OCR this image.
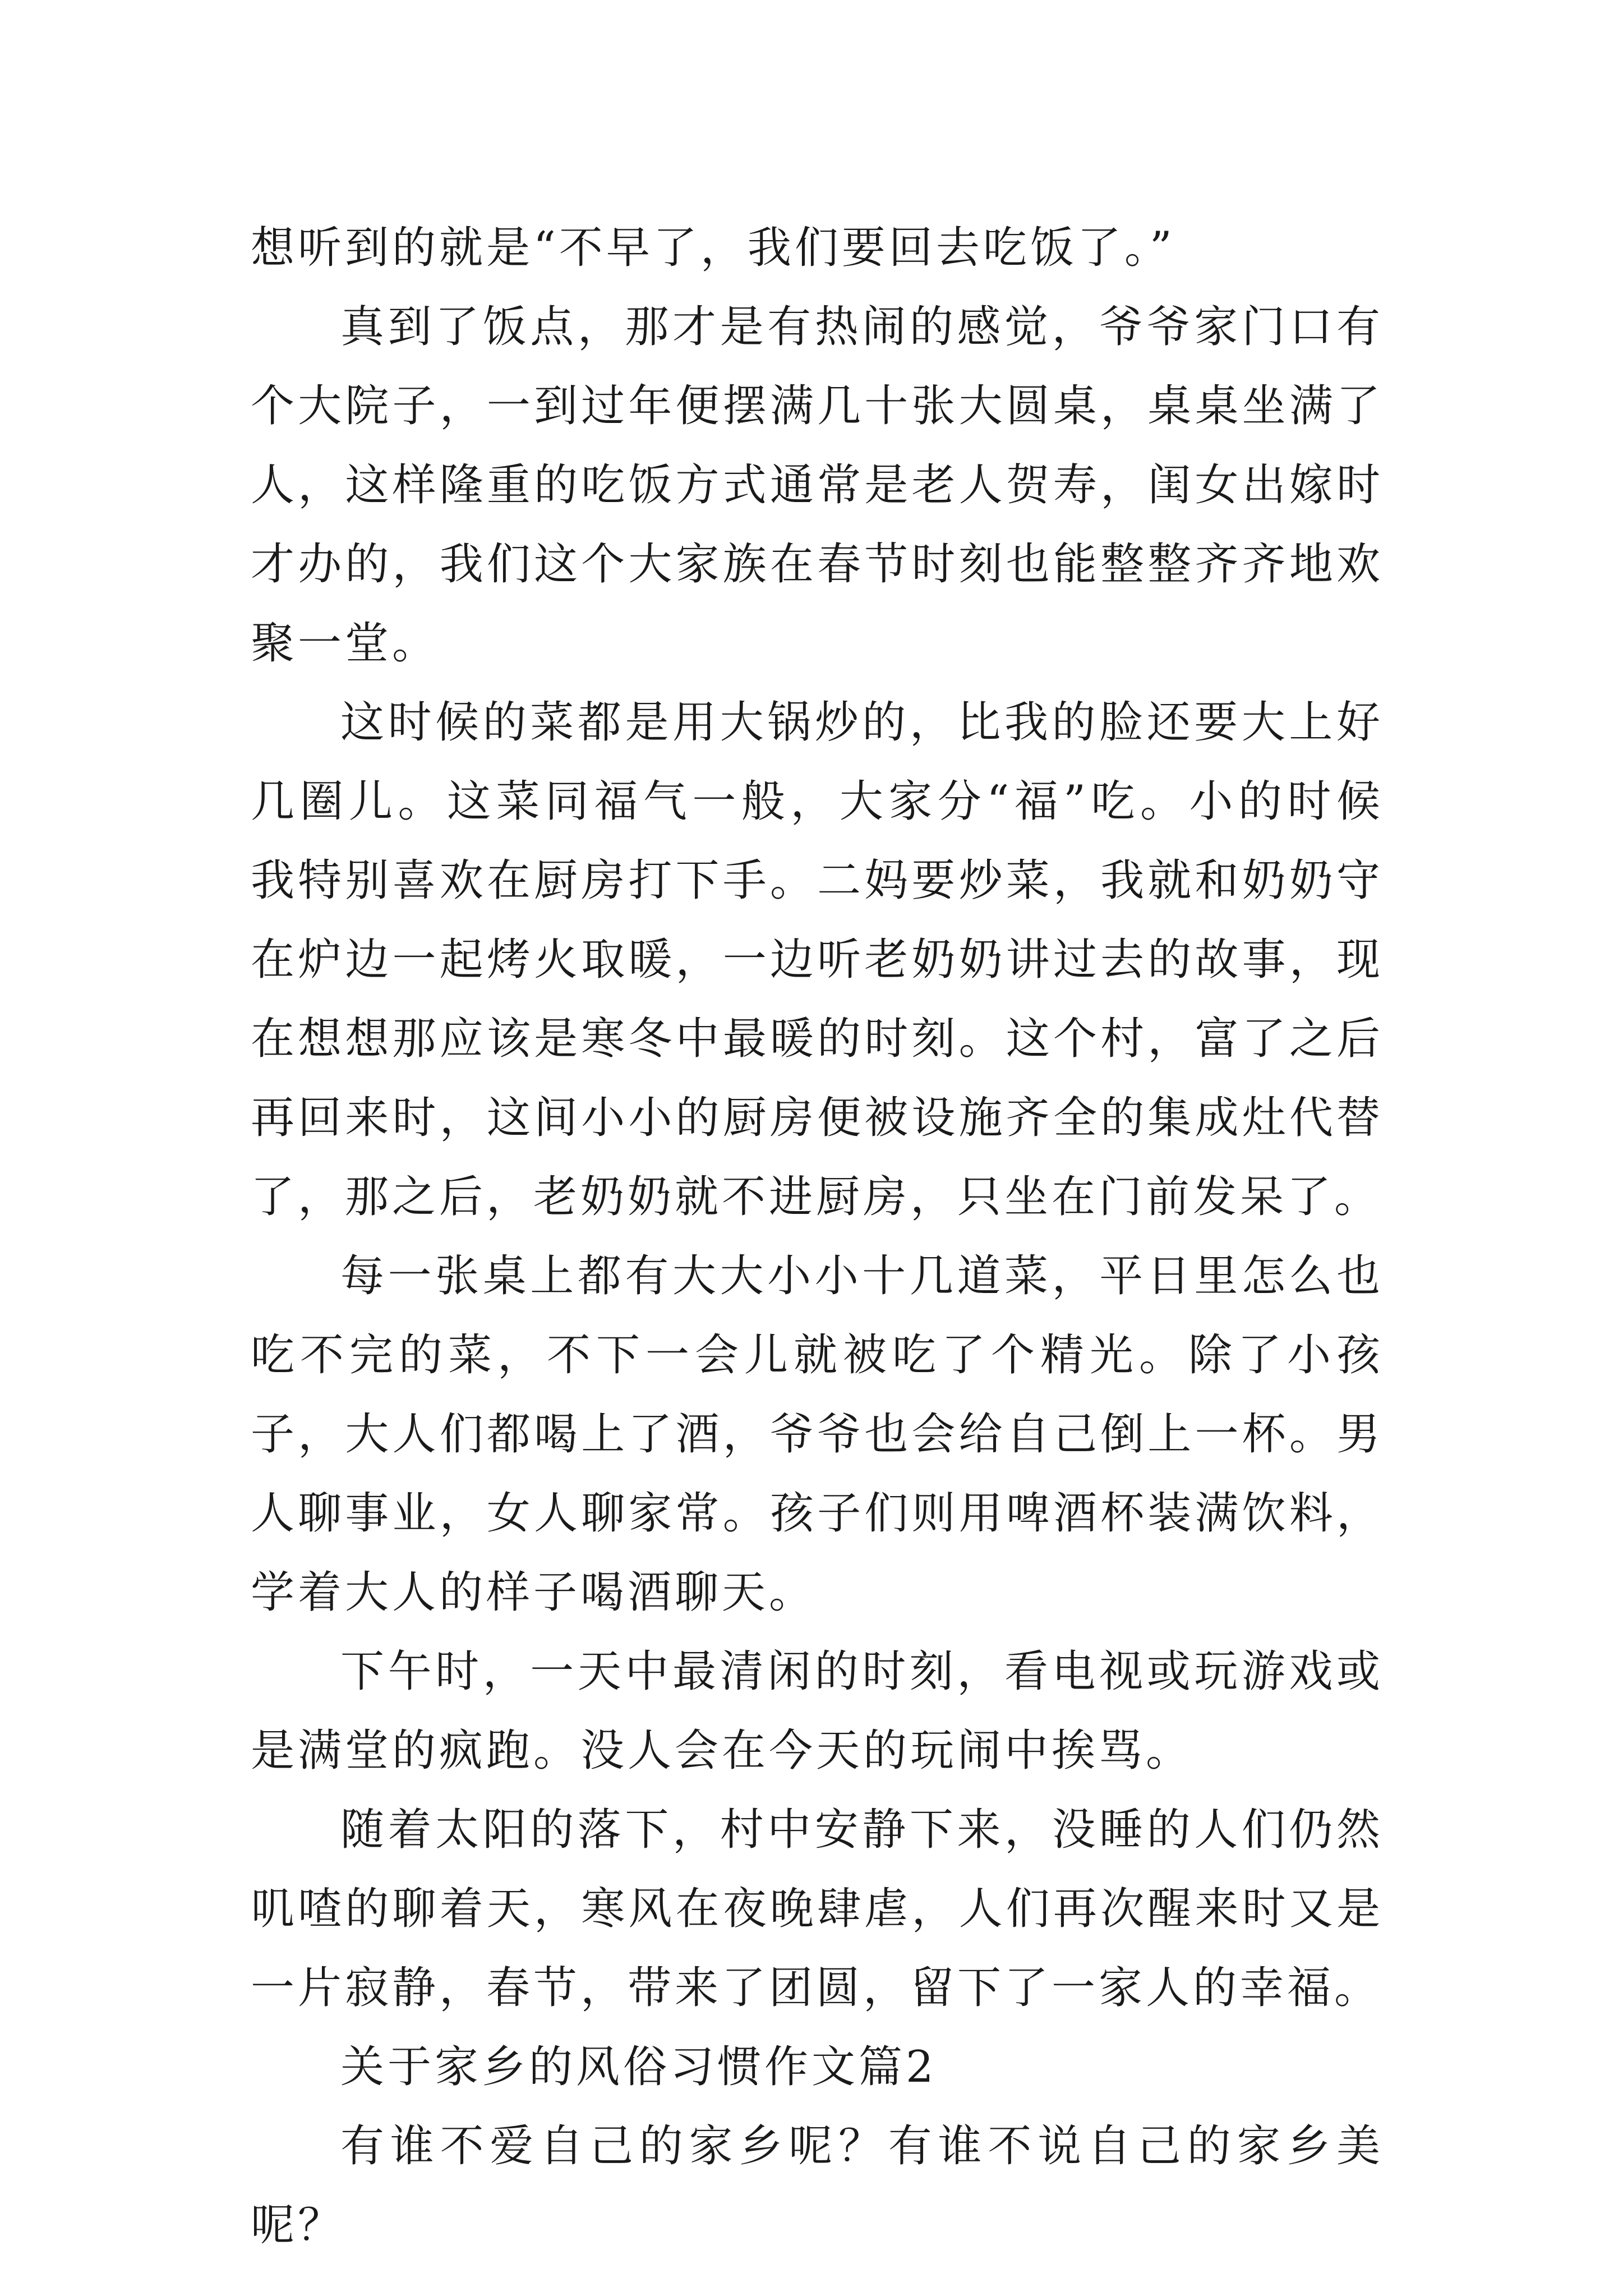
想听到的就是“不早了，我们要回去吃饭了。”

真到了饭点，那才是有热闹的感觉，爷爷家门口有个大院子，一到过年便摆满几十张大圆桌，桌桌坐满了人，这样隆重的吃饭方式通常是老人贺寿，闺女出嫁时才办的，我们这个大家族在春节时刻也能整整齐齐地欢聚一堂。

这时候的菜都是用大锅炒的，比我的脸还要大上好几圈儿。这菜同福气一般，大家分“福”吃。小的时候我特别喜欢在厨房打下手。二妈要炒菜，我就和奶奶守在炉边一起烤火取暖，一边听老奶奶讲过去的故事，现在想想那应该是寒冬中最暖的时刻。这个村，富了之后再回来时，这间小小的厨房便被设施齐全的集成灶代替了，那之后，老奶奶就不进厨房，只坐在门前发呆了。

每一张桌上都有大大小小十几道菜，平日里怎么也吃不完的菜，不下一会儿就被吃了个精光。除了小孩子，大人们都喝上了酒，爷爷也会给自己倒上一杯。男人聊事业，女人聊家常。孩子们则用啤酒杯装满饮料，学着大人的样子喝酒聊天。

下午时，一天中最清闲的时刻，看电视或玩游戏或是满堂的疯跑。没人会在今天的玩闹中挨骂。

随着太阳的落下，村中安静下来，没睡的人们仍然叽喳的聊着天，寒风在夜晚肆虐，人们再次醒来时又是一片寂静，春节，带来了团圆，留下了一家人的幸福。

关于家乡的风俗习惯作文篇2

有谁不爱自己的家乡呢？有谁不说自己的家乡美呢？
